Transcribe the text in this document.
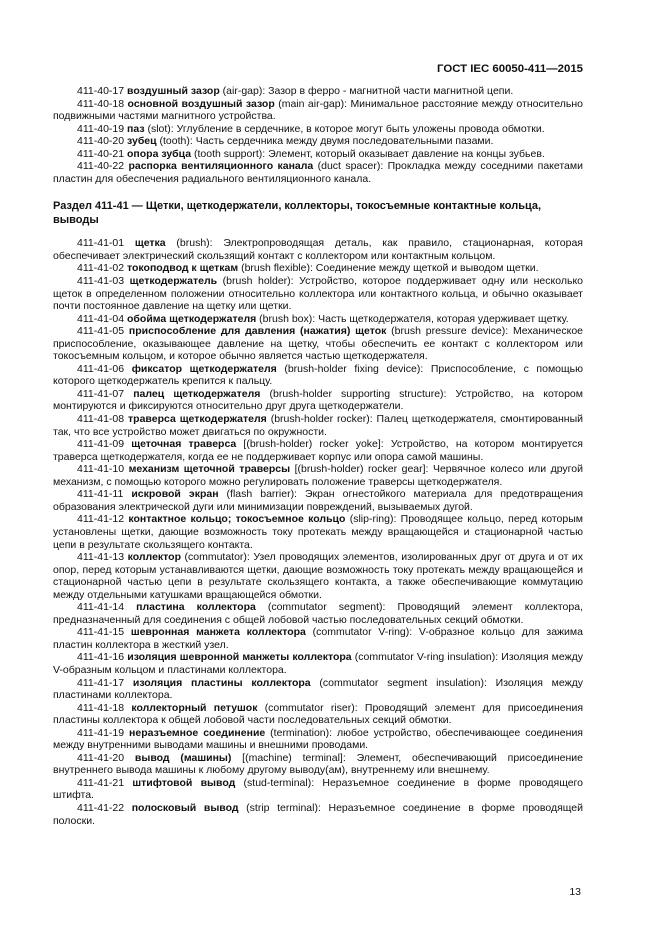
ГОСТ IEC 60050-411—2015

411-40-17 воздушный зазор (air-gap): Зазор в ферро - магнитной части магнитной цепи.

411-40-18 основной воздушный зазор (main air-gap): Минимальное расстояние между относительно подвижными частями магнитного устройства.

411-40-19 паз (slot): Углубление в сердечнике, в которое могут быть уложены провода обмотки.

411-40-20 зубец (tooth): Часть сердечника между двумя последовательными пазами.

411-40-21 опора зубца (tooth support): Элемент, который оказывает давление на концы зубьев.

411-40-22 распорка вентиляционного канала (duct spacer): Прокладка между соседними пакетами пластин для обеспечения радиального вентиляционного канала.

Раздел 411-41 — Щетки, щеткодержатели, коллекторы, токосъемные контактные кольца, выводы

411-41-01 щетка (brush): Электропроводящая деталь, как правило, стационарная, которая обеспечивает электрический скользящий контакт с коллектором или контактным кольцом.

411-41-02 токоподвод к щеткам (brush flexible): Соединение между щеткой и выводом щетки.

411-41-03 щеткодержатель (brush holder): Устройство, которое поддерживает одну или несколько щеток в определенном положении относительно коллектора или контактного кольца, и обычно оказывает почти постоянное давление на щетку или щетки.

411-41-04 обойма щеткодержателя (brush box): Часть щеткодержателя, которая удерживает щетку.

411-41-05 приспособление для давления (нажатия) щеток (brush pressure device): Механическое приспособление, оказывающее давление на щетку, чтобы обеспечить ее контакт с коллектором или токосъемным кольцом, и которое обычно является частью щеткодержателя.

411-41-06 фиксатор щеткодержателя (brush-holder fixing device): Приспособление, с помощью которого щеткодержатель крепится к пальцу.

411-41-07 палец щеткодержателя (brush-holder supporting structure): Устройство, на котором монтируются и фиксируются относительно друг друга щеткодержатели.

411-41-08 траверса щеткодержателя (brush-holder rocker): Палец щеткодержателя, смонтированный так, что все устройство может двигаться по окружности.

411-41-09 щеточная траверса [(brush-holder) rocker yoke]: Устройство, на котором монтируется траверса щеткодержателя, когда ее не поддерживает корпус или опора самой машины.

411-41-10 механизм щеточной траверсы [(brush-holder) rocker gear]: Червячное колесо или другой механизм, с помощью которого можно регулировать положение траверсы щеткодержателя.

411-41-11 искровой экран (flash barrier): Экран огнестойкого материала для предотвращения образования электрической дуги или минимизации повреждений, вызываемых дугой.

411-41-12 контактное кольцо; токосъемное кольцо (slip-ring): Проводящее кольцо, перед которым установлены щетки, дающие возможность току протекать между вращающейся и стационарной частью цепи в результате скользящего контакта.

411-41-13 коллектор (commutator): Узел проводящих элементов, изолированных друг от друга и от их опор, перед которым устанавливаются щетки, дающие возможность току протекать между вращающейся и стационарной частью цепи в результате скользящего контакта, а также обеспечивающие коммутацию между отдельными катушками вращающейся обмотки.

411-41-14 пластина коллектора (commutator segment): Проводящий элемент коллектора, предназначенный для соединения с общей лобовой частью последовательных секций обмотки.

411-41-15 шевронная манжета коллектора (commutator V-ring): V-образное кольцо для зажима пластин коллектора в жесткий узел.

411-41-16 изоляция шевронной манжеты коллектора (commutator V-ring insulation): Изоляция между V-образным кольцом и пластинами коллектора.

411-41-17 изоляция пластины коллектора (commutator segment insulation): Изоляция между пластинами коллектора.

411-41-18 коллекторный петушок (commutator riser): Проводящий элемент для присоединения пластины коллектора к общей лобовой части последовательных секций обмотки.

411-41-19 неразъемное соединение (termination): любое устройство, обеспечивающее соединения между внутренними выводами машины и внешними проводами.

411-41-20 вывод (машины) [(machine) terminal]: Элемент, обеспечивающий присоединение внутреннего вывода машины к любому другому выводу(ам), внутреннему или внешнему.

411-41-21 штифтовой вывод (stud-terminal): Неразъемное соединение в форме проводящего штифта.

411-41-22 полосковый вывод (strip terminal): Неразъемное соединение в форме проводящей полоски.

13
